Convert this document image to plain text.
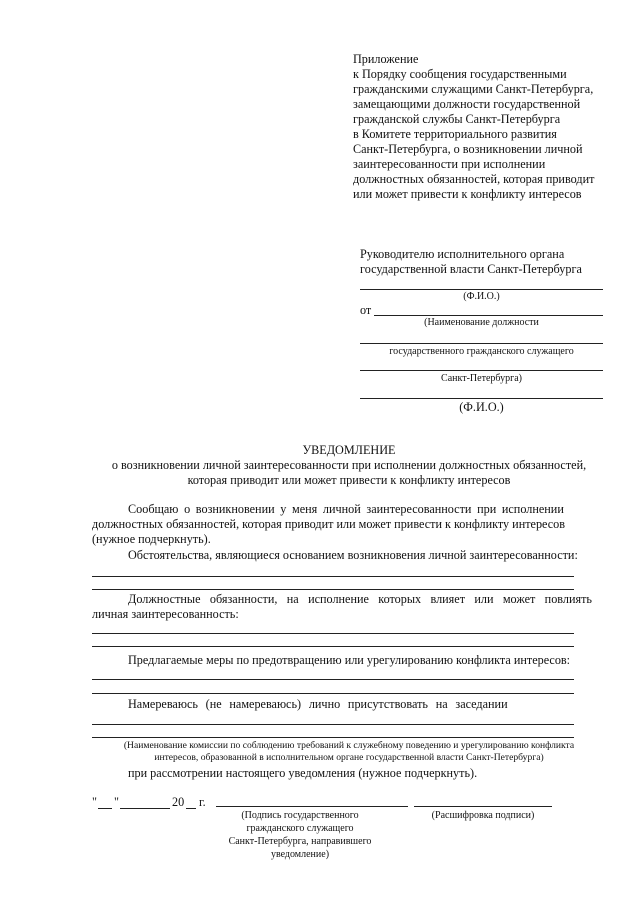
Приложение
к Порядку сообщения государственными
гражданскими служащими Санкт-Петербурга,
замещающими должности государственной
гражданской службы Санкт-Петербурга
в Комитете территориального развития
Санкт-Петербурга, о возникновении личной
заинтересованности при исполнении
должностных обязанностей, которая приводит
или может привести к конфликту интересов
Руководителю исполнительного органа
государственной власти Санкт-Петербурга
(Ф.И.О.)
от
(Наименование должности
государственного гражданского служащего
Санкт-Петербурга)
(Ф.И.О.)
УВЕДОМЛЕНИЕ
о возникновении личной заинтересованности при исполнении должностных обязанностей,
которая приводит или может привести к конфликту интересов
Сообщаю о возникновении у меня личной заинтересованности при исполнении
должностных обязанностей, которая приводит или может привести к конфликту интересов
(нужное подчеркнуть).
Обстоятельства, являющиеся основанием возникновения личной заинтересованности:
Должностные обязанности, на исполнение которых влияет или может повлиять
личная заинтересованность:
Предлагаемые меры по предотвращению или урегулированию конфликта интересов:
Намереваюсь (не намереваюсь) лично присутствовать на заседании
(Наименование комиссии по соблюдению требований к служебному поведению и урегулированию конфликта
интересов, образованной в исполнительном органе государственной власти Санкт-Петербурга)
при рассмотрении настоящего уведомления (нужное подчеркнуть).
" "	20 г.
(Подпись государственного
гражданского служащего
Санкт-Петербурга, направившего
уведомление)
(Расшифровка подписи)
